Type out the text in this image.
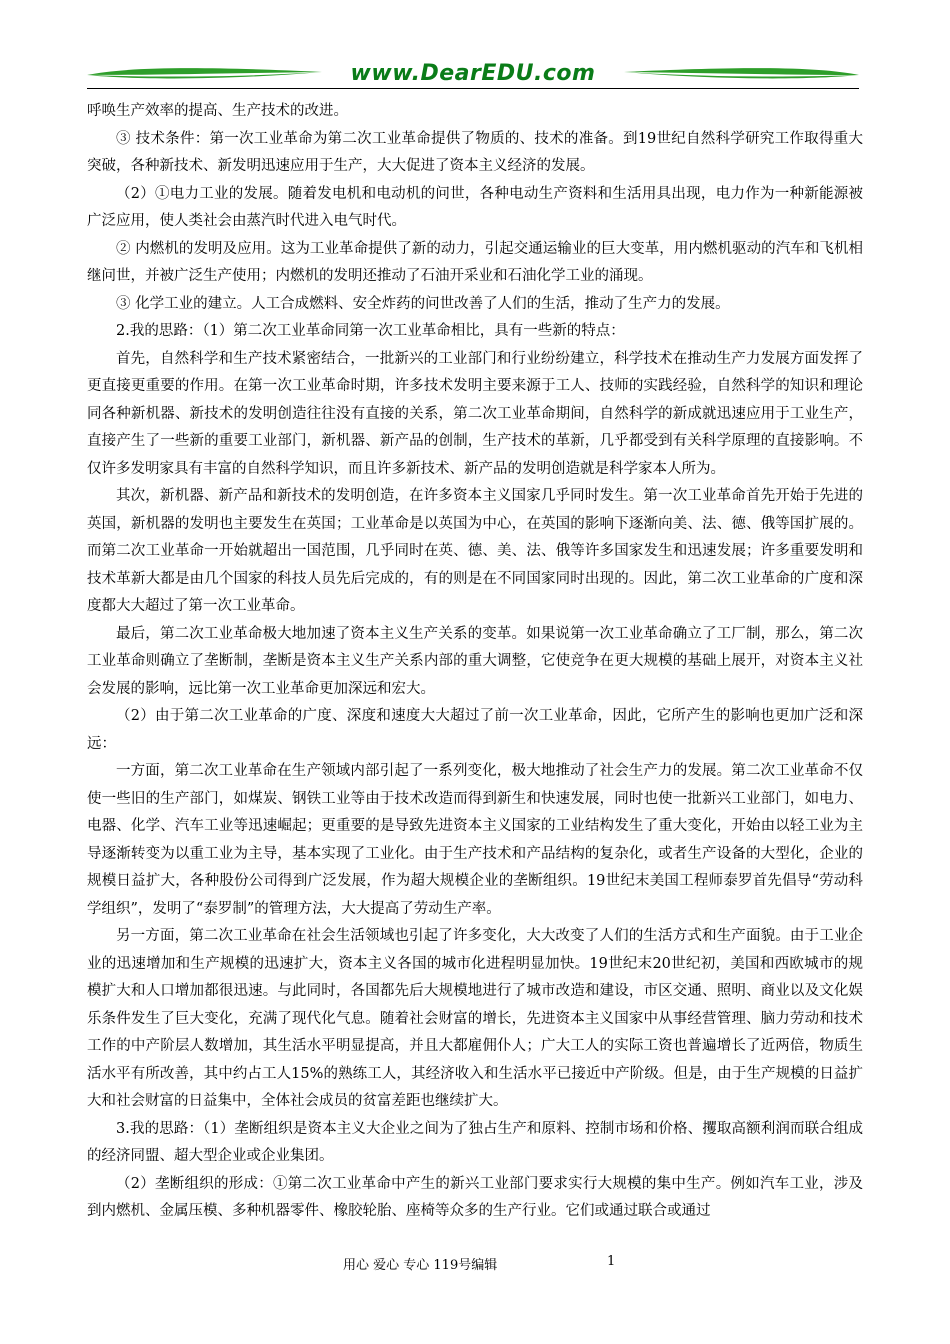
www.DearEDU.com

呼唤生产效率的提高、生产技术的改进。

③ 技术条件：第一次工业革命为第二次工业革命提供了物质的、技术的准备。到19世纪自然科学研究工作取得重大突破，各种新技术、新发明迅速应用于生产，大大促进了资本主义经济的发展。

（2）①电力工业的发展。随着发电机和电动机的问世，各种电动生产资料和生活用具出现，电力作为一种新能源被广泛应用，使人类社会由蒸汽时代进入电气时代。

② 内燃机的发明及应用。这为工业革命提供了新的动力，引起交通运输业的巨大变革，用内燃机驱动的汽车和飞机相继问世，并被广泛生产使用；内燃机的发明还推动了石油开采业和石油化学工业的涌现。

③ 化学工业的建立。人工合成燃料、安全炸药的问世改善了人们的生活，推动了生产力的发展。

2.我的思路：（1）第二次工业革命同第一次工业革命相比，具有一些新的特点：

首先，自然科学和生产技术紧密结合，一批新兴的工业部门和行业纷纷建立，科学技术在推动生产力发展方面发挥了更直接更重要的作用。在第一次工业革命时期，许多技术发明主要来源于工人、技师的实践经验，自然科学的知识和理论同各种新机器、新技术的发明创造往往没有直接的关系，第二次工业革命期间，自然科学的新成就迅速应用于工业生产，直接产生了一些新的重要工业部门，新机器、新产品的创制，生产技术的革新，几乎都受到有关科学原理的直接影响。不仅许多发明家具有丰富的自然科学知识，而且许多新技术、新产品的发明创造就是科学家本人所为。

其次，新机器、新产品和新技术的发明创造，在许多资本主义国家几乎同时发生。第一次工业革命首先开始于先进的英国，新机器的发明也主要发生在英国；工业革命是以英国为中心，在英国的影响下逐渐向美、法、德、俄等国扩展的。而第二次工业革命一开始就超出一国范围，几乎同时在英、德、美、法、俄等许多国家发生和迅速发展；许多重要发明和技术革新大都是由几个国家的科技人员先后完成的，有的则是在不同国家同时出现的。因此，第二次工业革命的广度和深度都大大超过了第一次工业革命。

最后，第二次工业革命极大地加速了资本主义生产关系的变革。如果说第一次工业革命确立了工厂制，那么，第二次工业革命则确立了垄断制，垄断是资本主义生产关系内部的重大调整，它使竞争在更大规模的基础上展开，对资本主义社会发展的影响，远比第一次工业革命更加深远和宏大。

（2）由于第二次工业革命的广度、深度和速度大大超过了前一次工业革命，因此，它所产生的影响也更加广泛和深远：

一方面，第二次工业革命在生产领域内部引起了一系列变化，极大地推动了社会生产力的发展。第二次工业革命不仅使一些旧的生产部门，如煤炭、钢铁工业等由于技术改造而得到新生和快速发展，同时也使一批新兴工业部门，如电力、电器、化学、汽车工业等迅速崛起；更重要的是导致先进资本主义国家的工业结构发生了重大变化，开始由以轻工业为主导逐渐转变为以重工业为主导，基本实现了工业化。由于生产技术和产品结构的复杂化，或者生产设备的大型化，企业的规模日益扩大，各种股份公司得到广泛发展，作为超大规模企业的垄断组织。19世纪末美国工程师泰罗首先倡导“劳动科学组织”，发明了“泰罗制”的管理方法，大大提高了劳动生产率。

另一方面，第二次工业革命在社会生活领域也引起了许多变化，大大改变了人们的生活方式和生产面貌。由于工业企业的迅速增加和生产规模的迅速扩大，资本主义各国的城市化进程明显加快。19世纪末20世纪初，美国和西欧城市的规模扩大和人口增加都很迅速。与此同时，各国都先后大规模地进行了城市改造和建设，市区交通、照明、商业以及文化娱乐条件发生了巨大变化，充满了现代化气息。随着社会财富的增长，先进资本主义国家中从事经营管理、脑力劳动和技术工作的中产阶层人数增加，其生活水平明显提高，并且大都雇佣仆人；广大工人的实际工资也普遍增长了近两倍，物质生活水平有所改善，其中约占工人15%的熟练工人，其经济收入和生活水平已接近中产阶级。但是，由于生产规模的日益扩大和社会财富的日益集中，全体社会成员的贫富差距也继续扩大。

3.我的思路：（1）垄断组织是资本主义大企业之间为了独占生产和原料、控制市场和价格、攫取高额利润而联合组成的经济同盟、超大型企业或企业集团。

（2）垄断组织的形成：①第二次工业革命中产生的新兴工业部门要求实行大规模的集中生产。例如汽车工业，涉及到内燃机、金属压模、多种机器零件、橡胶轮胎、座椅等众多的生产行业。它们或通过联合或通过

用心 爱心 专心 119号编辑	1
